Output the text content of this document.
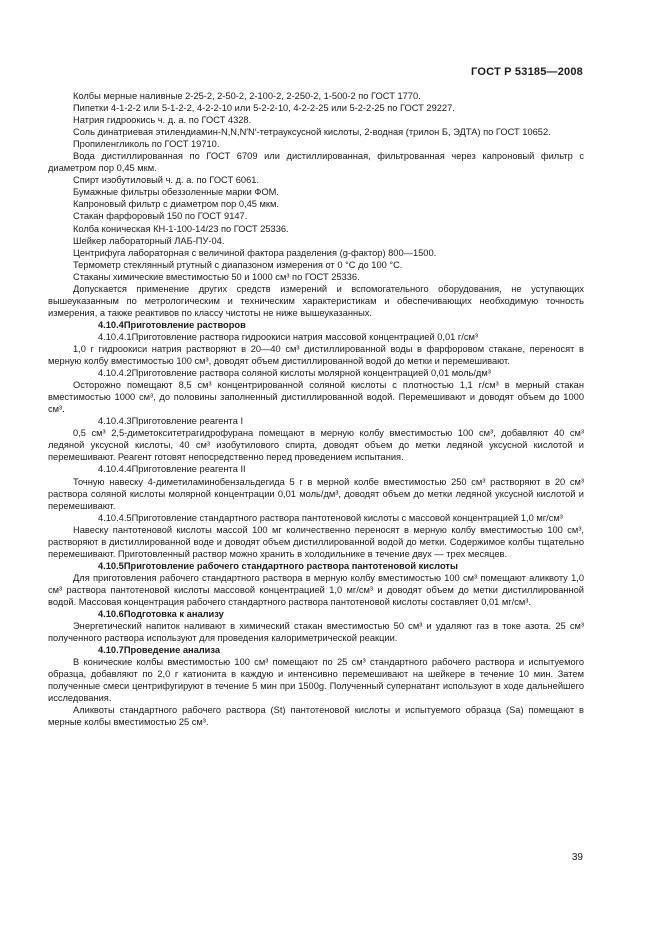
ГОСТ Р 53185—2008

Колбы мерные наливные 2-25-2, 2-50-2, 2-100-2, 2-250-2, 1-500-2 по ГОСТ 1770.

Пипетки 4-1-2-2 или 5-1-2-2, 4-2-2-10 или 5-2-2-10, 4-2-2-25 или 5-2-2-25 по ГОСТ 29227.

Натрия гидроокись ч. д. а. по ГОСТ 4328.

Соль динатриевая этилендиамин-N,N,N′N′-тетрауксусной кислоты, 2-водная (трилон Б, ЭДТА) по ГОСТ 10652.

Пропиленгликоль по ГОСТ 19710.

Вода дистиллированная по ГОСТ 6709 или дистиллированная, фильтрованная через капроновый фильтр с диаметром пор 0,45 мкм.

Спирт изобутиловый ч. д. а. по ГОСТ 6061.

Бумажные фильтры обеззоленные марки ФОМ.

Капроновый фильтр с диаметром пор 0,45 мкм.

Стакан фарфоровый 150 по ГОСТ 9147.

Колба коническая КН-1-100-14/23 по ГОСТ 25336.

Шейкер лабораторный ЛАБ-ПУ-04.

Центрифуга лабораторная с величиной фактора разделения (g-фактор) 800—1500.

Термометр стеклянный ртутный с диапазоном измерения от 0 °С до 100 °С.

Стаканы химические вместимостью 50 и 1000 см³ по ГОСТ 25336.

Допускается применение других средств измерений и вспомогательного оборудования, не уступающих вышеуказанным по метрологическим и техническим характеристикам и обеспечивающих необходимую точность измерения, а также реактивов по классу чистоты не ниже вышеуказанных.

4.10.4Приготовление растворов

4.10.4.1Приготовление раствора гидроокиси натрия массовой концентрацией 0,01 г/см³

1,0 г гидроокиси натрия растворяют в 20—40 см³ дистиллированной воды в фарфоровом стакане, переносят в мерную колбу вместимостью 100 см³, доводят объем дистиллированной водой до метки и перемешивают.

4.10.4.2Приготовление раствора соляной кислоты молярной концентрацией 0,01 моль/дм³

Осторожно помещают 8,5 см³ концентрированной соляной кислоты с плотностью 1,1 г/см³ в мерный стакан вместимостью 1000 см³, до половины заполненный дистиллированной водой. Перемешивают и доводят объем до 1000 см³.

4.10.4.3Приготовление реагента I

0,5 см³ 2,5-диметокситетрагидрофурана помещают в мерную колбу вместимостью 100 см³, добавляют 40 см³ ледяной уксусной кислоты, 40 см³ изобутилового спирта, доводят объем до метки ледяной уксусной кислотой и перемешивают. Реагент готовят непосредственно перед проведением испытания.

4.10.4.4Приготовление реагента II

Точную навеску 4-диметиламинобензальдегида 5 г в мерной колбе вместимостью 250 см³ растворяют в 20 см³ раствора соляной кислоты молярной концентрации 0,01 моль/дм³, доводят объем до метки ледяной уксусной кислотой и перемешивают.

4.10.4.5Приготовление стандартного раствора пантотеновой кислоты с массовой концентрацией 1,0 мг/см³

Навеску пантотеновой кислоты массой 100 мг количественно переносят в мерную колбу вместимостью 100 см³, растворяют в дистиллированной воде и доводят объем дистиллированной водой до метки. Содержимое колбы тщательно перемешивают. Приготовленный раствор можно хранить в холодильнике в течение двух — трех месяцев.

4.10.5Приготовление рабочего стандартного раствора пантотеновой кислоты

Для приготовления рабочего стандартного раствора в мерную колбу вместимостью 100 см³ помещают аликвоту 1,0 см³ раствора пантотеновой кислоты массовой концентрацией 1,0 мг/см³ и доводят объем до метки дистиллированной водой. Массовая концентрация рабочего стандартного раствора пантотеновой кислоты составляет 0,01 мг/см³.

4.10.6Подготовка к анализу

Энергетический напиток наливают в химический стакан вместимостью 50 см³ и удаляют газ в токе азота. 25 см³ полученного раствора используют для проведения калориметрической реакции.

4.10.7Проведение анализа

В конические колбы вместимостью 100 см³ помещают по 25 см³ стандартного рабочего раствора и испытуемого образца, добавляют по 2,0 г катионита в каждую и интенсивно перемешивают на шейкере в течение 10 мин. Затем полученные смеси центрифугируют в течение 5 мин при 1500g. Полученный супернатант используют в ходе дальнейшего исследования.

Аликвоты стандартного рабочего раствора (St) пантотеновой кислоты и испытуемого образца (Sa) помещают в мерные колбы вместимостью 25 см³.

39
